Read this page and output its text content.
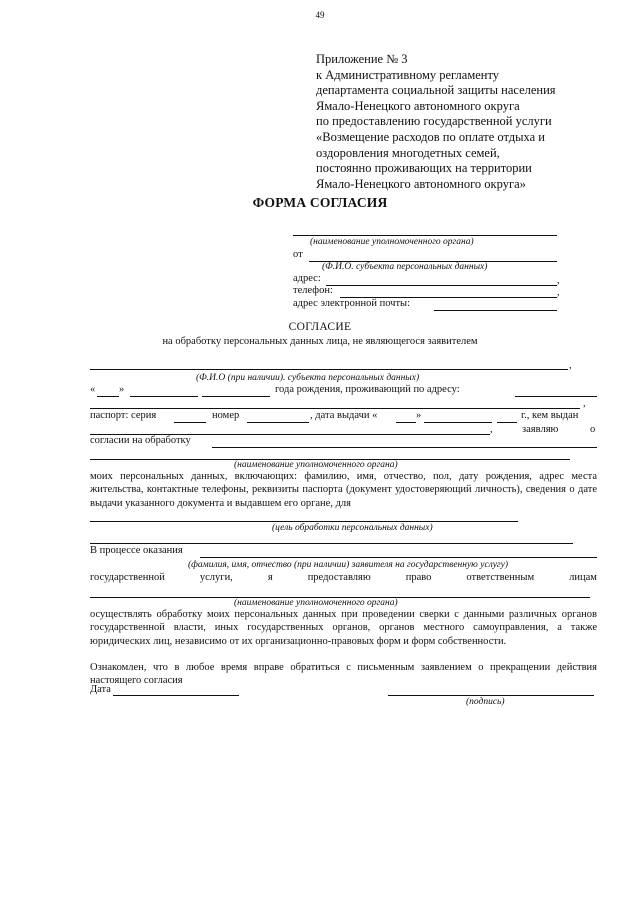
49
Приложение № 3
к Административному регламенту
департамента социальной защиты населения
Ямало-Ненецкого автономного округа
по предоставлению государственной услуги
«Возмещение расходов по оплате отдыха и
оздоровления многодетных семей,
постоянно проживающих на территории
Ямало-Ненецкого автономного округа»
ФОРМА СОГЛАСИЯ
(наименование уполномоченного органа)
от
(Ф.И.О. субъекта персональных данных)
адрес:	,
телефон:	,
адрес электронной почты:
СОГЛАСИЕ
на обработку персональных данных лица, не являющегося заявителем
,
(Ф.И.О (при наличии). субъекта персональных данных)
« »	года рождения, проживающий по адресу:
,
паспорт: серия	номер	, дата выдачи «	»	г., кем выдан
,	заявляю	о
согласии на обработку
(наименование уполномоченного органа)
моих персональных данных, включающих: фамилию, имя, отчество, пол, дату рождения, адрес места жительства, контактные телефоны, реквизиты паспорта (документ удостоверяющий личность), сведения о дате выдачи указанного документа и выдавшем его органе, для
(цель обработки персональных данных)
В процессе оказания
(фамилия, имя, отчество (при наличии) заявителя на государственную услугу)
государственной	услуги,	я	предоставляю	право	ответственным	лицам
(наименование уполномоченного органа)
осуществлять обработку моих персональных данных при проведении сверки с данными различных органов государственной власти, иных государственных органов, органов местного самоуправления, а также юридических лиц, независимо от их организационно-правовых форм и форм собственности.
Ознакомлен, что в любое время вправе обратиться с письменным заявлением о прекращении действия настоящего согласия
Дата
(подпись)
